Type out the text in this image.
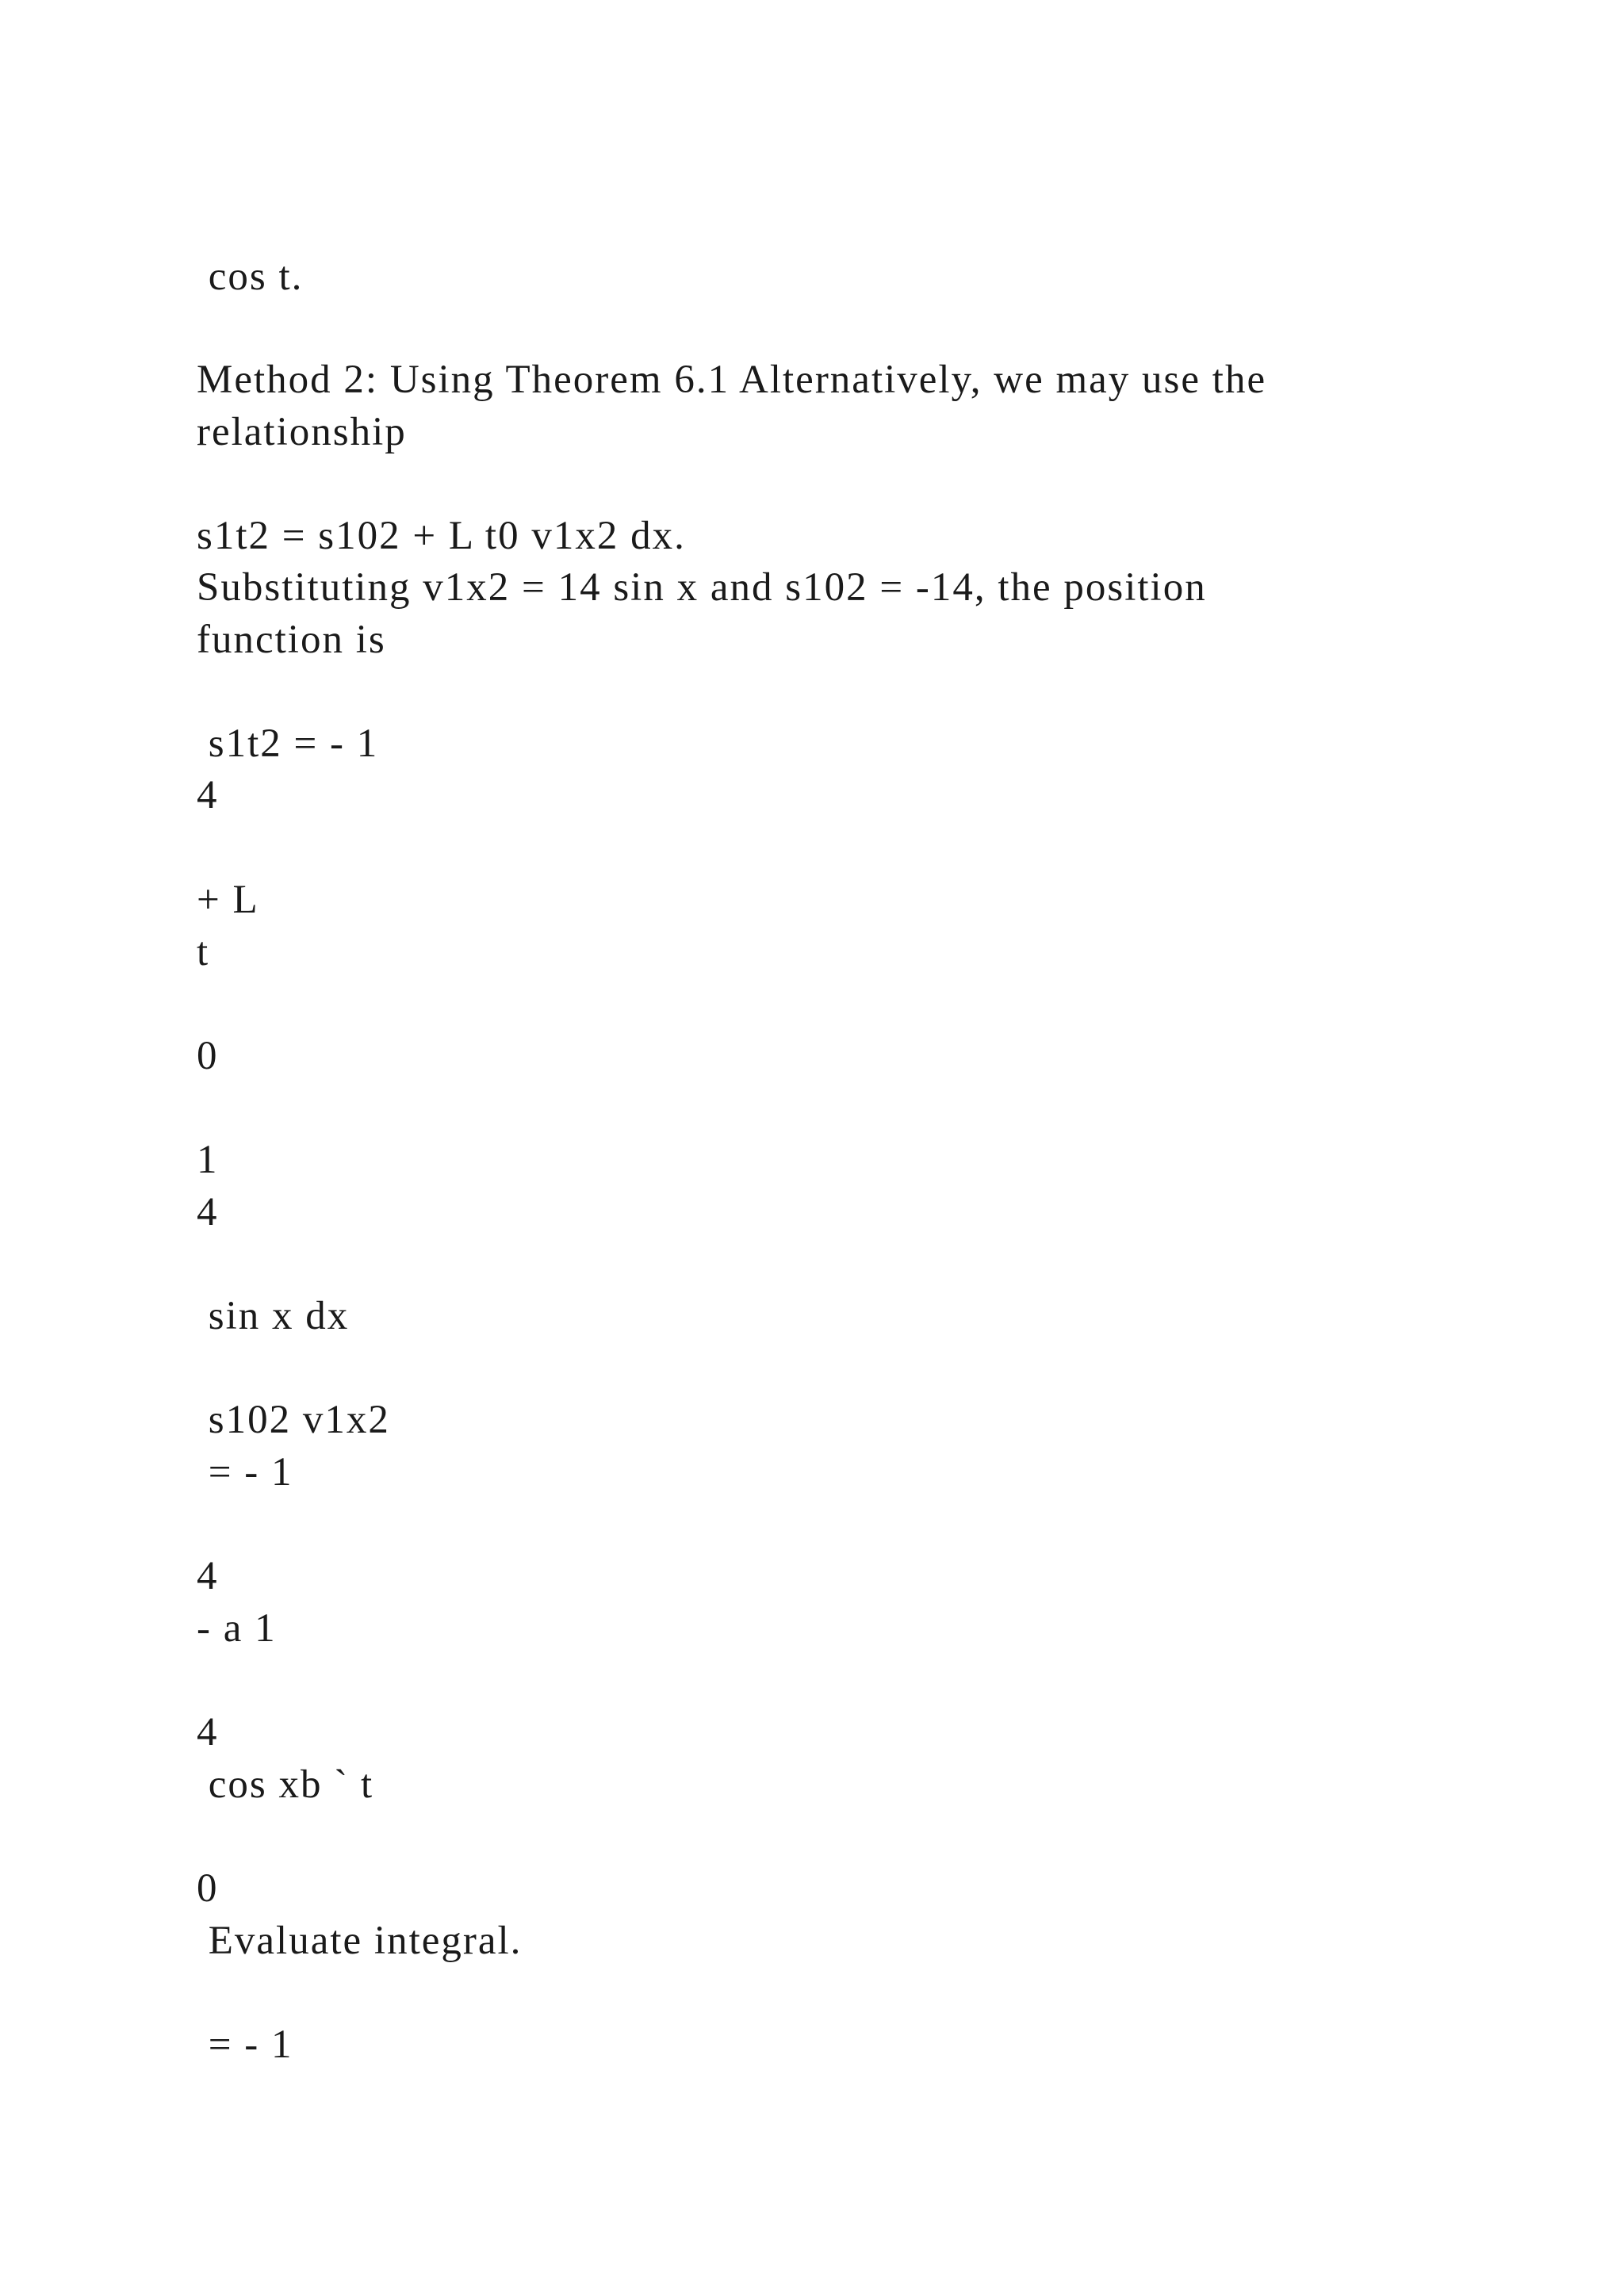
cos t.
Method 2: Using Theorem 6.1 Alternatively, we may use the
relationship
s1t2 = s102 + L t0 v1x2 dx.
Substituting v1x2 = 14 sin x and s102 = -14, the position
function is
s1t2 = - 1
4
+ L
t
0
1
4
sin x dx
s102 v1x2
= - 1
4
- a 1
4
cos xb ` t
0
Evaluate integral.
= - 1
